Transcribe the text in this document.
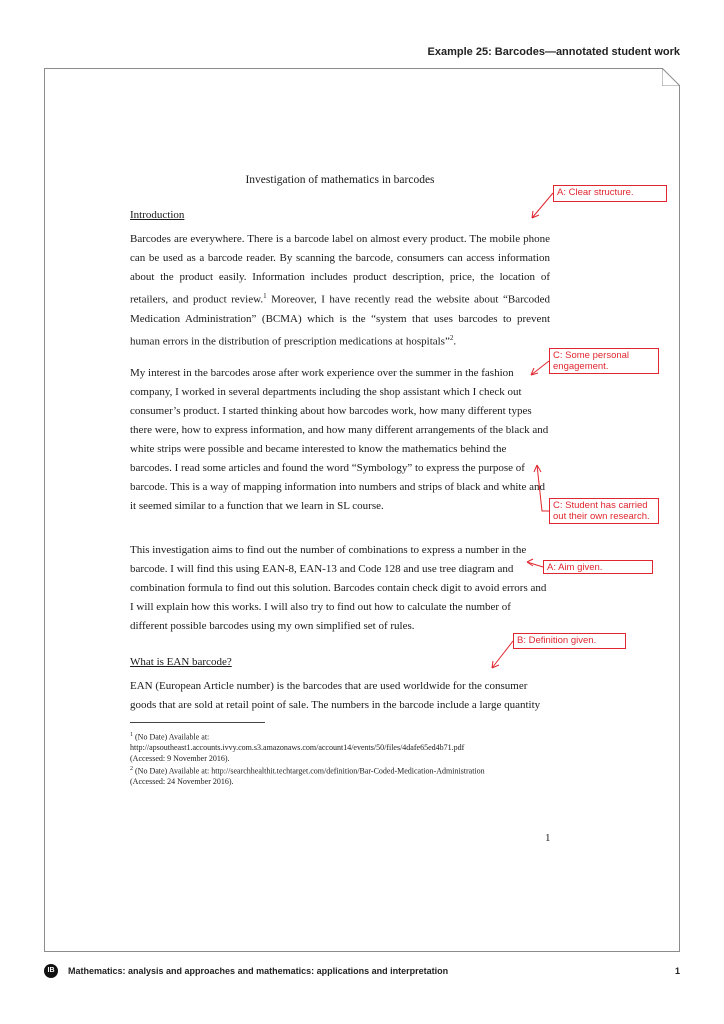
Example 25: Barcodes—annotated student work
Investigation of mathematics in barcodes
Introduction

Barcodes are everywhere. There is a barcode label on almost every product. The mobile phone can be used as a barcode reader. By scanning the barcode, consumers can access information about the product easily. Information includes product description, price, the location of retailers, and product review.$^1$ Moreover, I have recently read the website about “Barcoded Medication Administration” (BCMA) which is the “system that uses barcodes to prevent human errors in the distribution of prescription medications at hospitals”$^2$.

My interest in the barcodes arose after work experience over the summer in the fashion company, I worked in several departments including the shop assistant which I check out consumer’s product. I started thinking about how barcodes work, how many different types there were, how to express information, and how many different arrangements of the black and white strips were possible and became interested to know the mathematics behind the barcodes. I read some articles and found the word “Symbology” to express the purpose of barcode. This is a way of mapping information into numbers and strips of black and white and it seemed similar to a function that we learn in SL course.
This investigation aims to find out the number of combinations to express a number in the barcode. I will find this using EAN-8, EAN-13 and Code 128 and use tree diagram and combination formula to find out this solution. Barcodes contain check digit to avoid errors and I will explain how this works. I will also try to find out how to calculate the number of different possible barcodes using my own simplified set of rules.
What is EAN barcode?
EAN (European Article number) is the barcodes that are used worldwide for the consumer goods that are sold at retail point of sale. The numbers in the barcode include a large quantity
$^1$ (No Date) Available at:
http://apsoutheast1.accounts.ivvy.com.s3.amazonaws.com/account14/events/50/files/4dafe65ed4b71.pdf
(Accessed: 9 November 2016).
$^2$ (No Date) Available at: http://searchhealthit.techtarget.com/definition/Bar-Coded-Medication-Administration
(Accessed: 24 November 2016).
1
A: Clear structure.
C: Some personal engagement.
C: Student has carried out their own research.
A: Aim given.
B: Definition given.
IB	Mathematics: analysis and approaches and mathematics: applications and interpretation	1
